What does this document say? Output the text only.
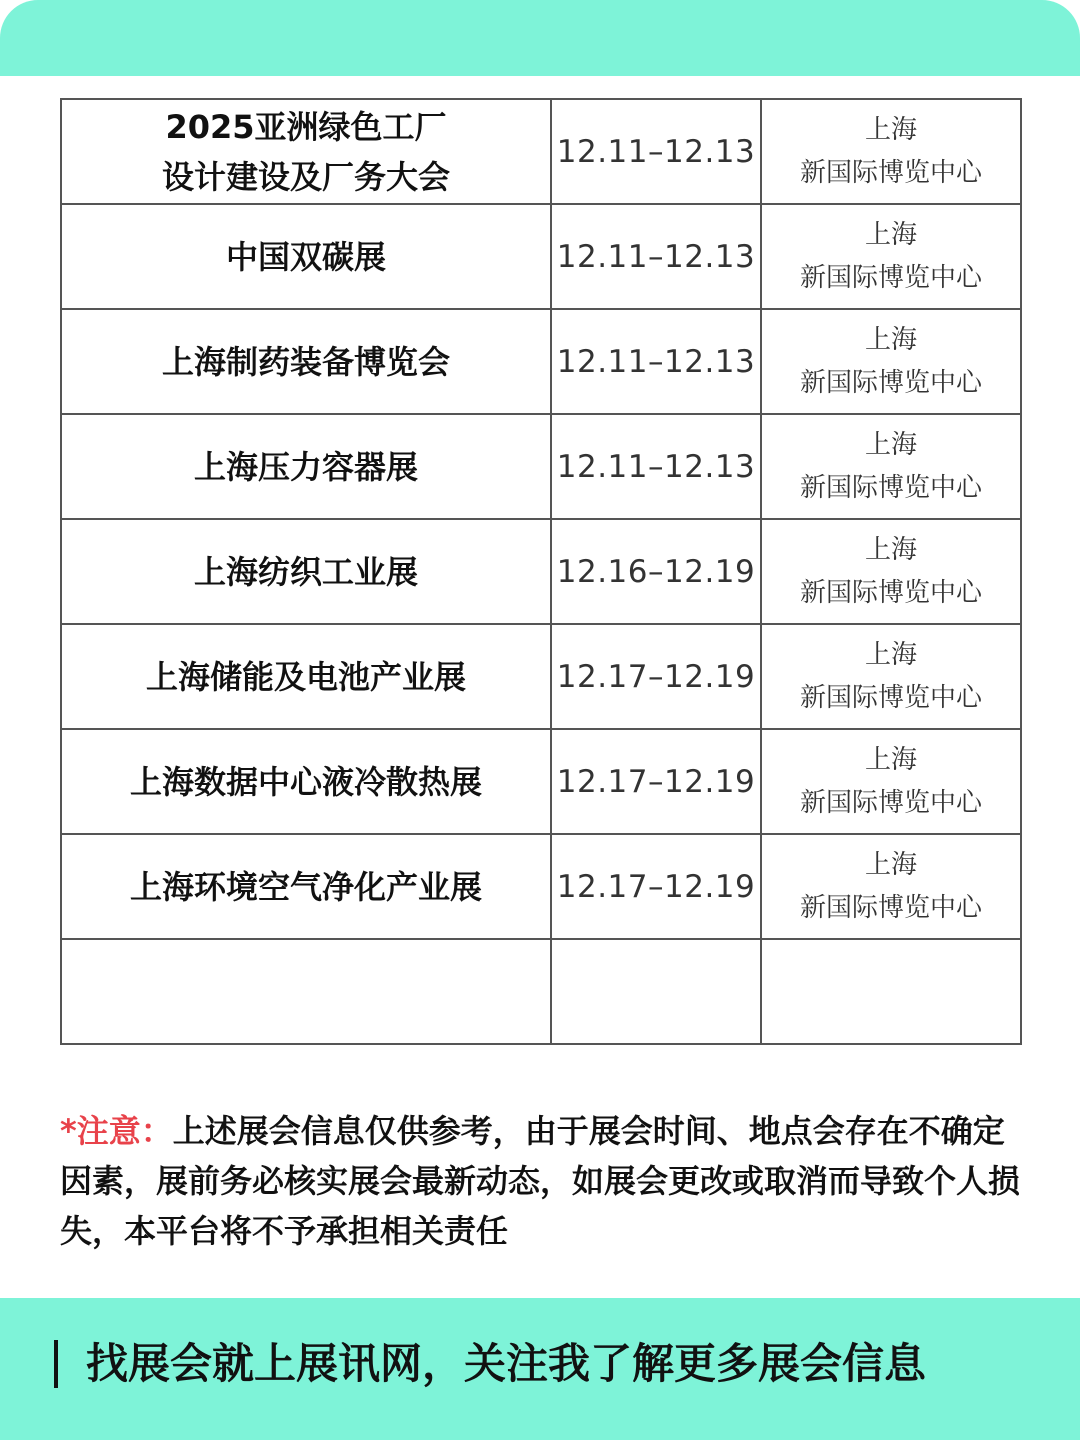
2025亚洲绿色工厂
设计建设及厂务大会	12.11–12.13	上海
新国际博览中心

中国双碳展	12.11–12.13	上海
新国际博览中心

上海制药装备博览会	12.11–12.13	上海
新国际博览中心

上海压力容器展	12.11–12.13	上海
新国际博览中心

上海纺织工业展	12.16–12.19	上海
新国际博览中心

上海储能及电池产业展	12.17–12.19	上海
新国际博览中心

上海数据中心液冷散热展	12.17–12.19	上海
新国际博览中心

上海环境空气净化产业展	12.17–12.19	上海
新国际博览中心

*注意：上述展会信息仅供参考，由于展会时间、地点会存在不确定因素，展前务必核实展会最新动态，如展会更改或取消而导致个人损失，本平台将不予承担相关责任
找展会就上展讯网，关注我了解更多展会信息
